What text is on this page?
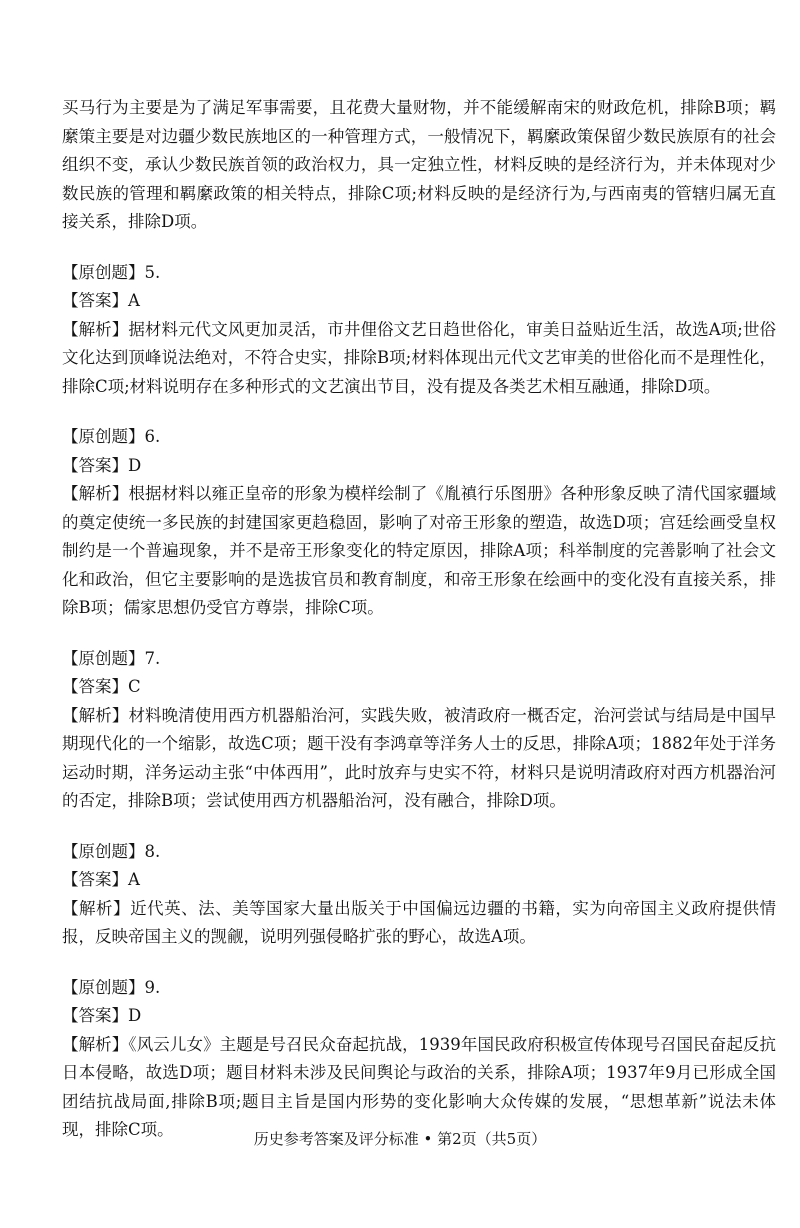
买马行为主要是为了满足军事需要，且花费大量财物，并不能缓解南宋的财政危机，排除B项；羁縻策主要是对边疆少数民族地区的一种管理方式，一般情况下，羁縻政策保留少数民族原有的社会组织不变，承认少数民族首领的政治权力，具一定独立性，材料反映的是经济行为，并未体现对少数民族的管理和羁縻政策的相关特点，排除C项;材料反映的是经济行为,与西南夷的管辖归属无直接关系，排除D项。

【原创题】5.

【答案】A

【解析】据材料元代文风更加灵活，市井俚俗文艺日趋世俗化，审美日益贴近生活，故选A项;世俗文化达到顶峰说法绝对，不符合史实，排除B项;材料体现出元代文艺审美的世俗化而不是理性化，排除C项;材料说明存在多种形式的文艺演出节目，没有提及各类艺术相互融通，排除D项。

【原创题】6.

【答案】D

【解析】根据材料以雍正皇帝的形象为模样绘制了《胤禛行乐图册》各种形象反映了清代国家疆域的奠定使统一多民族的封建国家更趋稳固，影响了对帝王形象的塑造，故选D项；宫廷绘画受皇权制约是一个普遍现象，并不是帝王形象变化的特定原因，排除A项；科举制度的完善影响了社会文化和政治，但它主要影响的是选拔官员和教育制度，和帝王形象在绘画中的变化没有直接关系，排除B项；儒家思想仍受官方尊崇，排除C项。

【原创题】7.

【答案】C

【解析】材料晚清使用西方机器船治河，实践失败，被清政府一概否定，治河尝试与结局是中国早期现代化的一个缩影，故选C项；题干没有李鸿章等洋务人士的反思，排除A项；1882年处于洋务运动时期，洋务运动主张“中体西用”，此时放弃与史实不符，材料只是说明清政府对西方机器治河的否定，排除B项；尝试使用西方机器船治河，没有融合，排除D项。

【原创题】8.

【答案】A

【解析】近代英、法、美等国家大量出版关于中国偏远边疆的书籍，实为向帝国主义政府提供情报，反映帝国主义的觊觎，说明列强侵略扩张的野心，故选A项。

【原创题】9.

【答案】D

【解析】《风云儿女》主题是号召民众奋起抗战，1939年国民政府积极宣传体现号召国民奋起反抗日本侵略，故选D项；题目材料未涉及民间舆论与政治的关系，排除A项；1937年9月已形成全国团结抗战局面,排除B项;题目主旨是国内形势的变化影响大众传媒的发展，“思想革新”说法未体现，排除C项。	历史参考答案及评分标准 • 第2页（共5页）
